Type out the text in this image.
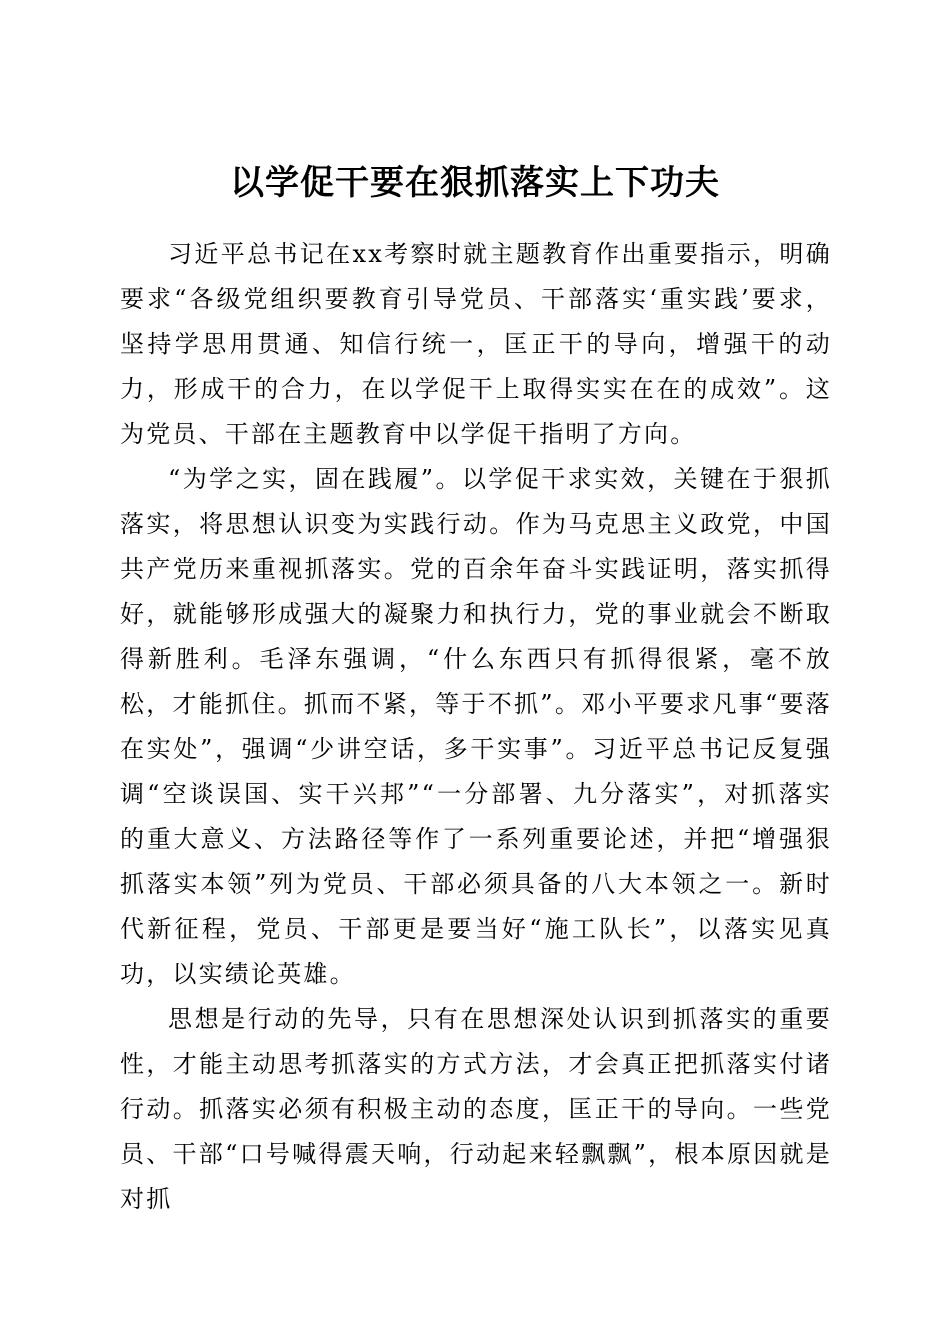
以学促干要在狠抓落实上下功夫

习近平总书记在xx考察时就主题教育作出重要指示，明确要求“各级党组织要教育引导党员、干部落实‘重实践’要求，坚持学思用贯通、知信行统一，匡正干的导向，增强干的动力，形成干的合力，在以学促干上取得实实在在的成效”。这为党员、干部在主题教育中以学促干指明了方向。

“为学之实，固在践履”。以学促干求实效，关键在于狠抓落实，将思想认识变为实践行动。作为马克思主义政党，中国共产党历来重视抓落实。党的百余年奋斗实践证明，落实抓得好，就能够形成强大的凝聚力和执行力，党的事业就会不断取得新胜利。毛泽东强调，“什么东西只有抓得很紧，毫不放松，才能抓住。抓而不紧，等于不抓”。邓小平要求凡事“要落在实处”，强调“少讲空话，多干实事”。习近平总书记反复强调“空谈误国、实干兴邦”“一分部署、九分落实”，对抓落实的重大意义、方法路径等作了一系列重要论述，并把“增强狠抓落实本领”列为党员、干部必须具备的八大本领之一。新时代新征程，党员、干部更是要当好“施工队长”，以落实见真功，以实绩论英雄。

思想是行动的先导，只有在思想深处认识到抓落实的重要性，才能主动思考抓落实的方式方法，才会真正把抓落实付诸行动。抓落实必须有积极主动的态度，匡正干的导向。一些党员、干部“口号喊得震天响，行动起来轻飘飘”，根本原因就是对抓
